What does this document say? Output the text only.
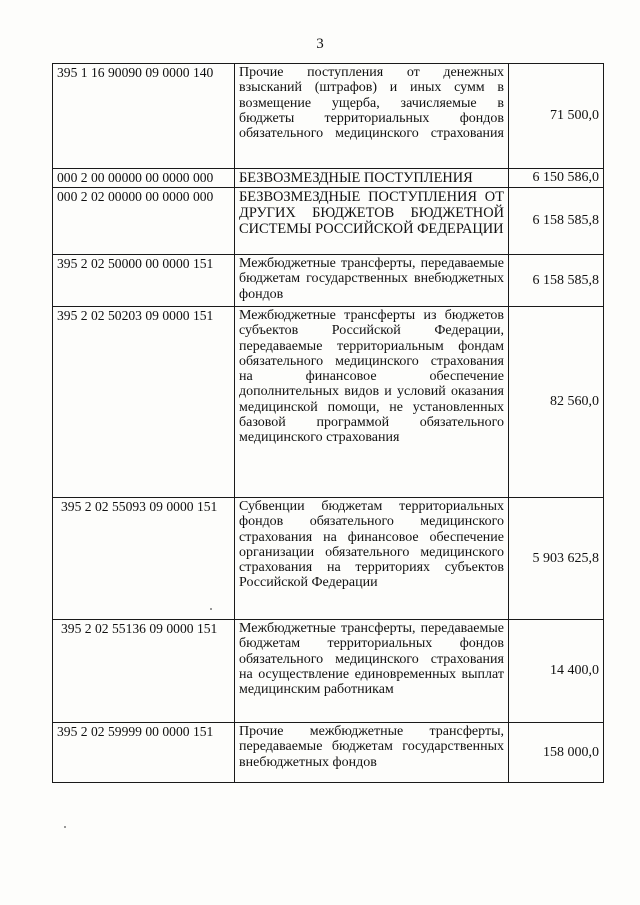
3
395 1 16 90090 09 0000 140	Прочие поступления от денежных взысканий (штрафов) и иных сумм в возмещение ущерба, зачисляемые в бюджеты территориальных фондов обязательного медицинского страхования	71 500,0
000 2 00 00000 00 0000 000	БЕЗВОЗМЕЗДНЫЕ ПОСТУПЛЕНИЯ	6 150 586,0
000 2 02 00000 00 0000 000	БЕЗВОЗМЕЗДНЫЕ ПОСТУПЛЕНИЯ ОТ ДРУГИХ БЮДЖЕТОВ БЮДЖЕТНОЙ СИСТЕМЫ РОССИЙСКОЙ ФЕДЕРАЦИИ	6 158 585,8
395 2 02 50000 00 0000 151	Межбюджетные трансферты, передаваемые бюджетам государственных внебюджетных фондов	6 158 585,8
395 2 02 50203 09 0000 151	Межбюджетные трансферты из бюджетов субъектов Российской Федерации, передаваемые территориальным фондам обязательного медицинского страхования на финансовое обеспечение дополнительных видов и условий оказания медицинской помощи, не установленных базовой программой обязательного медицинского страхования	82 560,0
395 2 02 55093 09 0000 151	Субвенции бюджетам территориальных фондов обязательного медицинского страхования на финансовое обеспечение организации обязательного медицинского страхования на территориях субъектов Российской Федерации	5 903 625,8
395 2 02 55136 09 0000 151	Межбюджетные трансферты, передаваемые бюджетам территориальных фондов обязательного медицинского страхования на осуществление единовременных выплат медицинским работникам	14 400,0
395 2 02 59999 00 0000 151	Прочие межбюджетные трансферты, передаваемые бюджетам государственных внебюджетных фондов	158 000,0
